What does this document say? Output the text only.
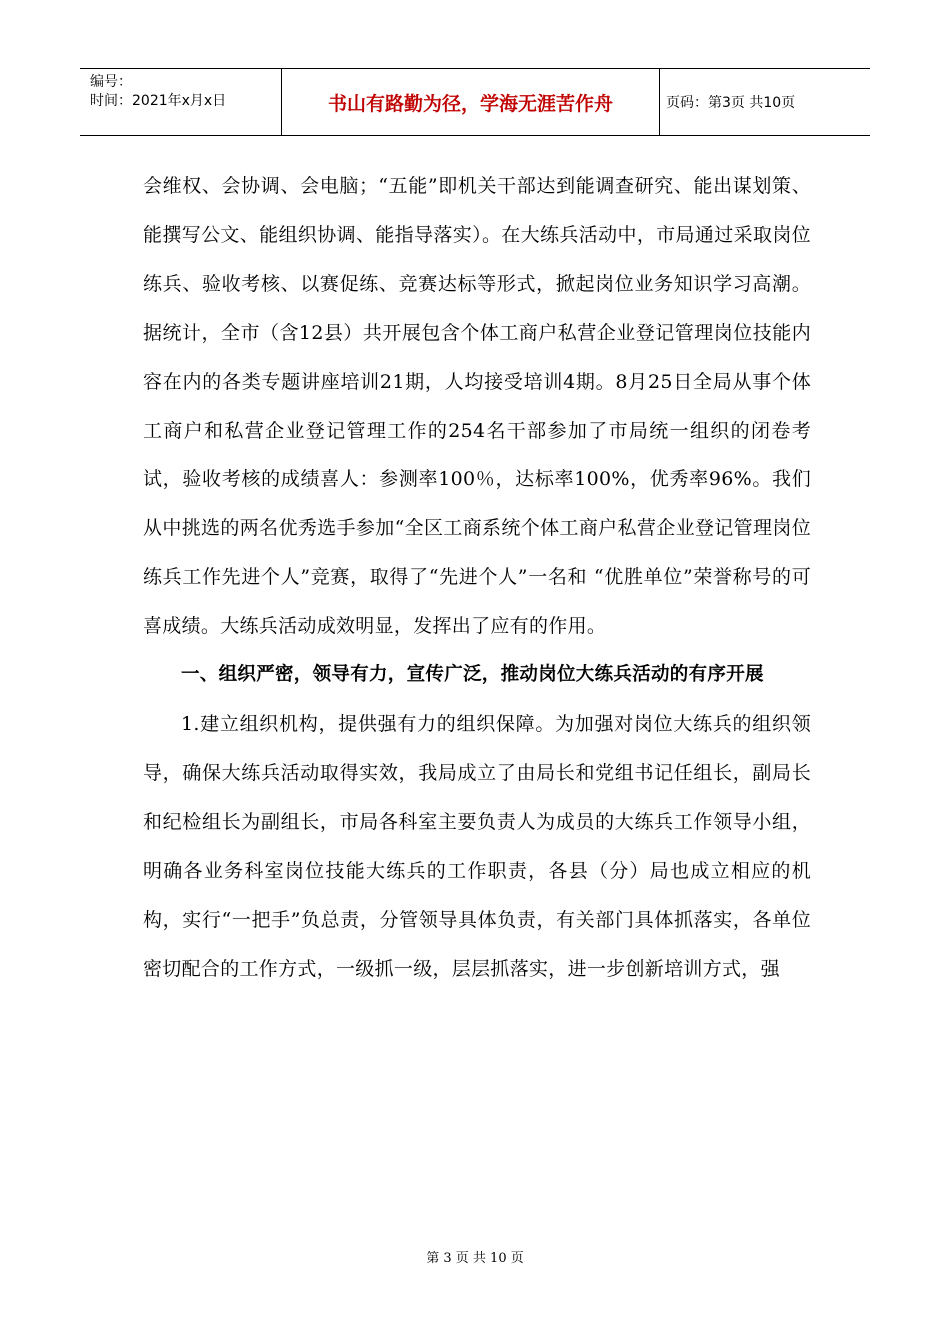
编号：
时间：2021年x月x日	书山有路勤为径，学海无涯苦作舟	页码：第3页 共10页

会维权、会协调、会电脑；“五能”即机关干部达到能调查研究、能出谋划策、能撰写公文、能组织协调、能指导落实）。在大练兵活动中，市局通过采取岗位练兵、验收考核、以赛促练、竞赛达标等形式，掀起岗位业务知识学习高潮。据统计，全市（含12县）共开展包含个体工商户私营企业登记管理岗位技能内容在内的各类专题讲座培训21期，人均接受培训4期。8月25日全局从事个体工商户和私营企业登记管理工作的254名干部参加了市局统一组织的闭卷考试，验收考核的成绩喜人：参测率100％，达标率100%，优秀率96%。我们从中挑选的两名优秀选手参加“全区工商系统个体工商户私营企业登记管理岗位练兵工作先进个人”竞赛，取得了“先进个人”一名和 “优胜单位”荣誉称号的可喜成绩。大练兵活动成效明显，发挥出了应有的作用。

一、组织严密，领导有力，宣传广泛，推动岗位大练兵活动的有序开展

1.建立组织机构，提供强有力的组织保障。为加强对岗位大练兵的组织领导，确保大练兵活动取得实效，我局成立了由局长和党组书记任组长，副局长和纪检组长为副组长，市局各科室主要负责人为成员的大练兵工作领导小组，明确各业务科室岗位技能大练兵的工作职责，各县（分）局也成立相应的机构，实行“一把手”负总责，分管领导具体负责，有关部门具体抓落实，各单位密切配合的工作方式，一级抓一级，层层抓落实，进一步创新培训方式，强

第 3 页 共 10 页
